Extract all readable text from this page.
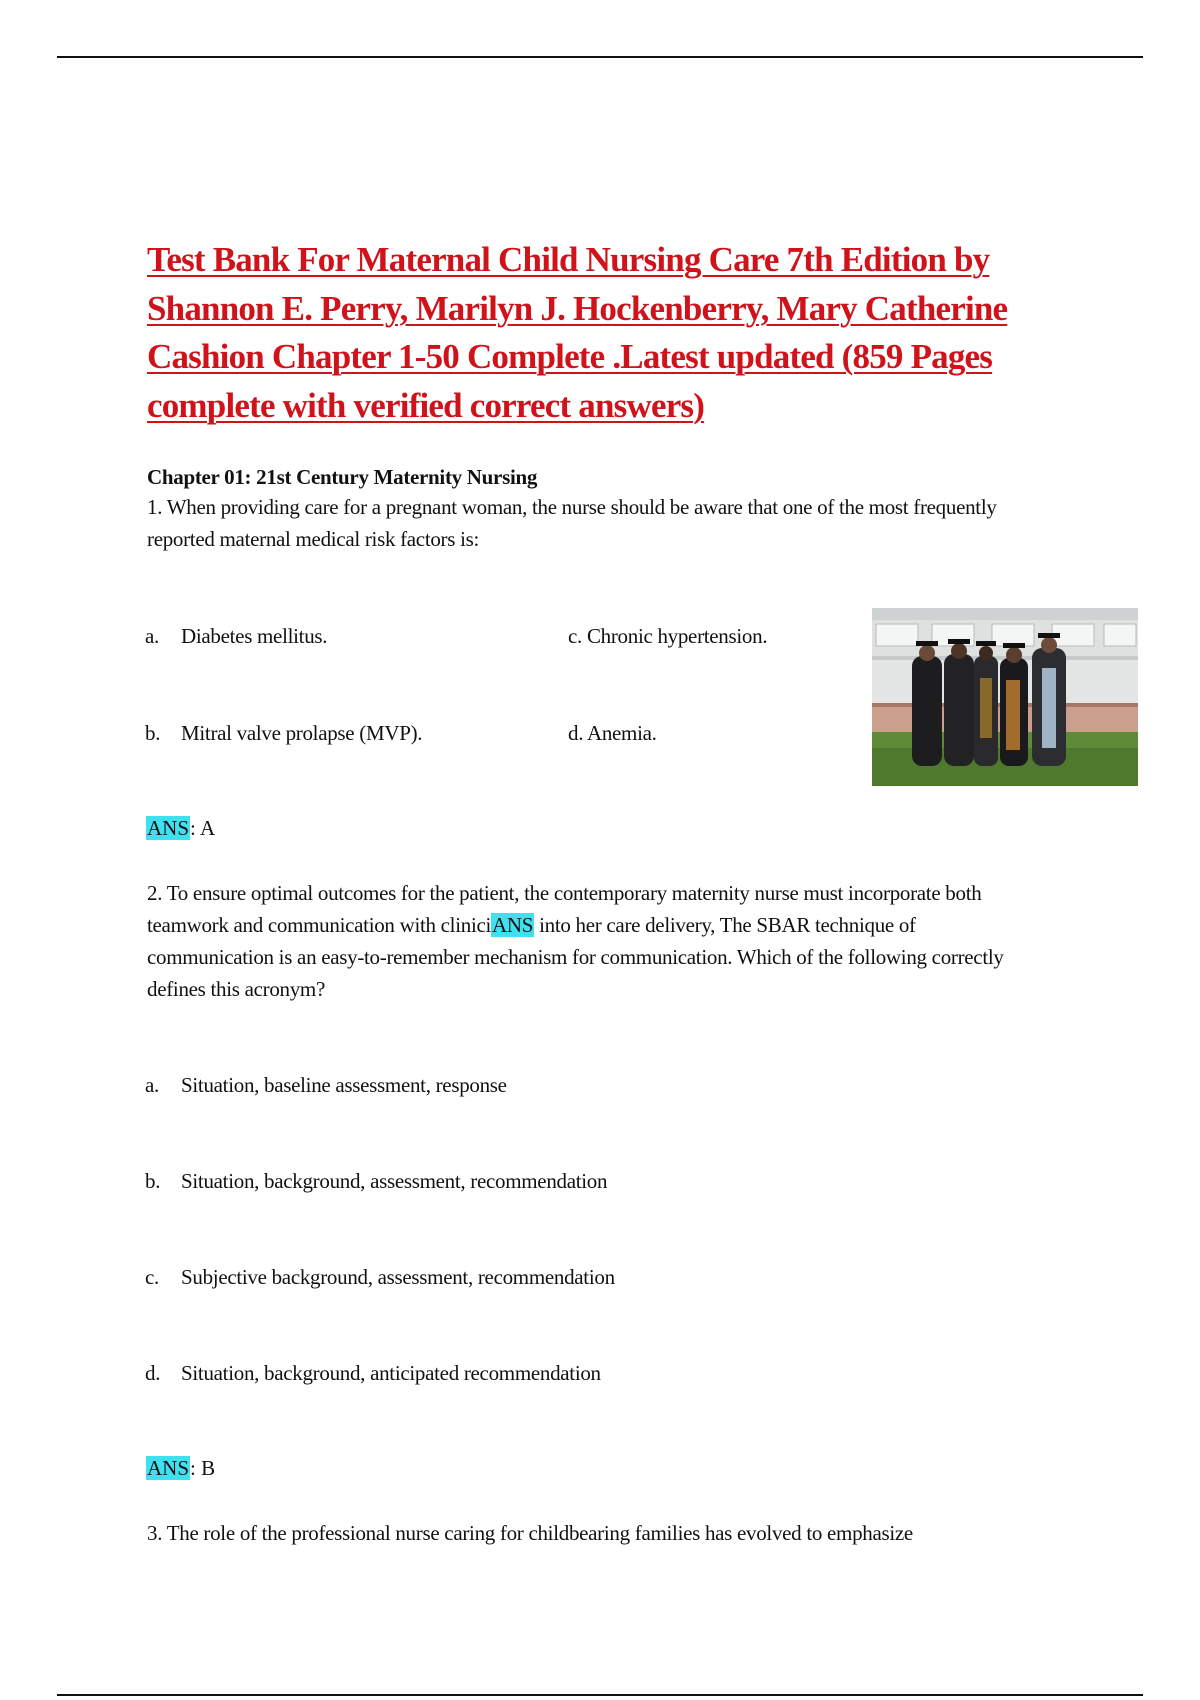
Test Bank For Maternal Child Nursing Care 7th Edition by
Shannon E. Perry, Marilyn J. Hockenberry, Mary Catherine
Cashion Chapter 1-50 Complete .Latest updated (859 Pages
complete with verified correct answers)
Chapter 01: 21st Century Maternity Nursing
1. When providing care for a pregnant woman, the nurse should be aware that one of the most frequently reported maternal medical risk factors is:
a. Diabetes mellitus.
b. Mitral valve prolapse (MVP).
c. Chronic hypertension.
d. Anemia.
ANS: A
2. To ensure optimal outcomes for the patient, the contemporary maternity nurse must incorporate both teamwork and communication with cliniciANS into her care delivery, The SBAR technique of communication is an easy-to-remember mechanism for communication. Which of the following correctly defines this acronym?
a. Situation, baseline assessment, response
b. Situation, background, assessment, recommendation
c. Subjective background, assessment, recommendation
d. Situation, background, anticipated recommendation
ANS: B
3. The role of the professional nurse caring for childbearing families has evolved to emphasize
